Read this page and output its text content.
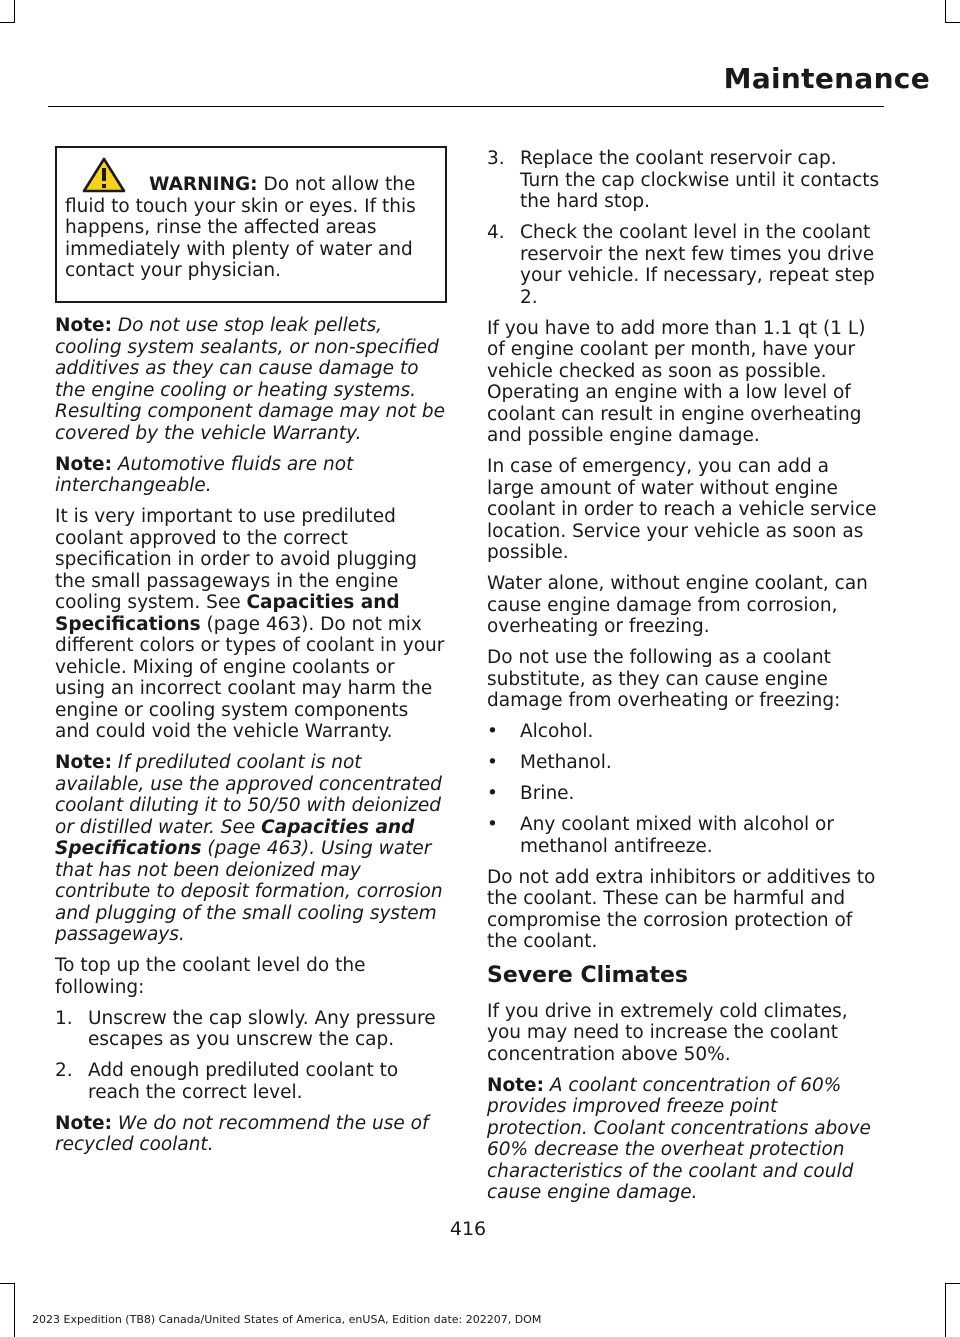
Maintenance

WARNING: Do not allow the fluid to touch your skin or eyes. If this happens, rinse the affected areas immediately with plenty of water and contact your physician.

Note: Do not use stop leak pellets, cooling system sealants, or non-specified additives as they can cause damage to the engine cooling or heating systems. Resulting component damage may not be covered by the vehicle Warranty.

Note: Automotive fluids are not interchangeable.

It is very important to use prediluted coolant approved to the correct specification in order to avoid plugging the small passageways in the engine cooling system. See Capacities and Specifications (page 463). Do not mix different colors or types of coolant in your vehicle. Mixing of engine coolants or using an incorrect coolant may harm the engine or cooling system components and could void the vehicle Warranty.

Note: If prediluted coolant is not available, use the approved concentrated coolant diluting it to 50/50 with deionized or distilled water. See Capacities and Specifications (page 463). Using water that has not been deionized may contribute to deposit formation, corrosion and plugging of the small cooling system passageways.

To top up the coolant level do the following:

1. Unscrew the cap slowly. Any pressure escapes as you unscrew the cap.
2. Add enough prediluted coolant to reach the correct level.

Note: We do not recommend the use of recycled coolant.

3. Replace the coolant reservoir cap. Turn the cap clockwise until it contacts the hard stop.
4. Check the coolant level in the coolant reservoir the next few times you drive your vehicle. If necessary, repeat step 2.

If you have to add more than 1.1 qt (1 L) of engine coolant per month, have your vehicle checked as soon as possible. Operating an engine with a low level of coolant can result in engine overheating and possible engine damage.

In case of emergency, you can add a large amount of water without engine coolant in order to reach a vehicle service location. Service your vehicle as soon as possible.

Water alone, without engine coolant, can cause engine damage from corrosion, overheating or freezing.

Do not use the following as a coolant substitute, as they can cause engine damage from overheating or freezing:

• Alcohol.
• Methanol.
• Brine.
• Any coolant mixed with alcohol or methanol antifreeze.

Do not add extra inhibitors or additives to the coolant. These can be harmful and compromise the corrosion protection of the coolant.

Severe Climates

If you drive in extremely cold climates, you may need to increase the coolant concentration above 50%.

Note: A coolant concentration of 60% provides improved freeze point protection. Coolant concentrations above 60% decrease the overheat protection characteristics of the coolant and could cause engine damage.

416
2023 Expedition (TB8) Canada/United States of America, enUSA, Edition date: 202207, DOM
